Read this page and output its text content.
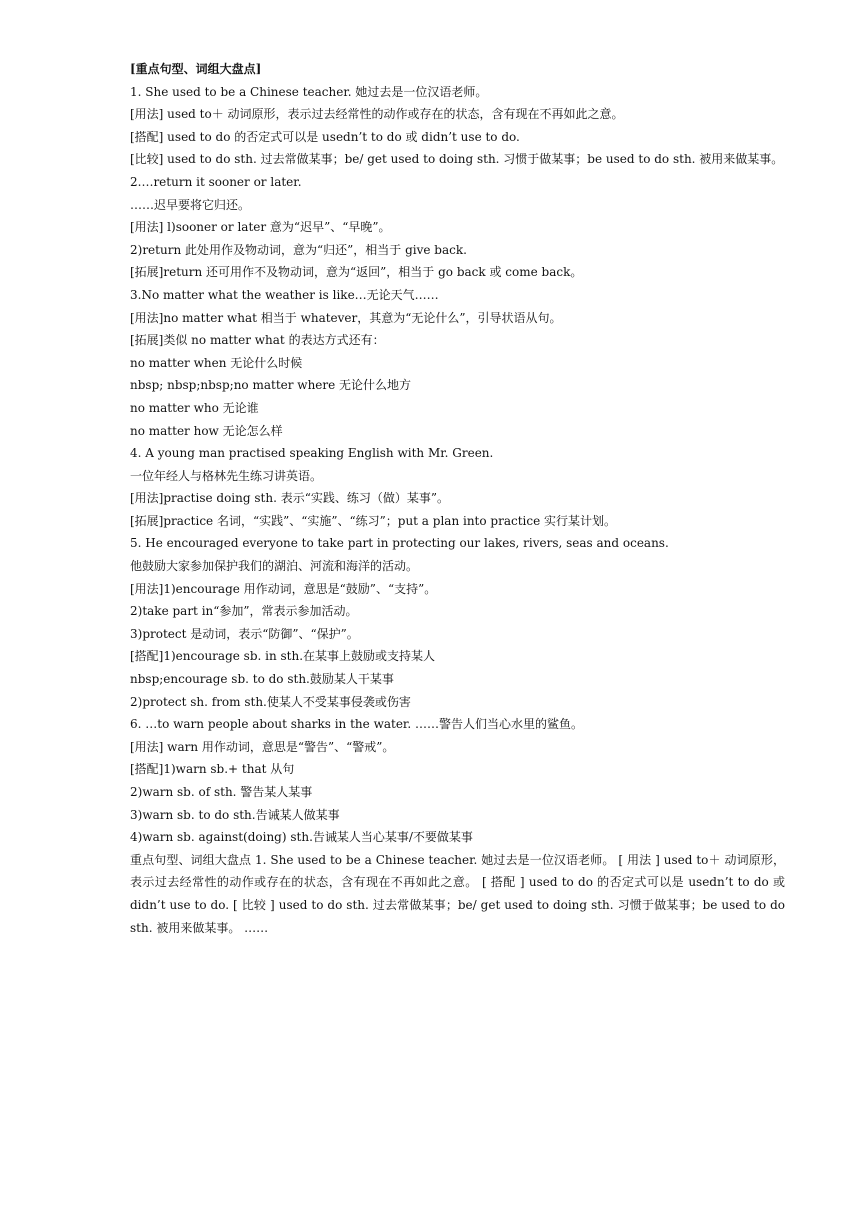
[重点句型、词组大盘点]
1. She used to be a Chinese teacher. 她过去是一位汉语老师。
[用法] used to＋ 动词原形，表示过去经常性的动作或存在的状态，含有现在不再如此之意。
[搭配] used to do 的否定式可以是 usedn’t to do 或 didn’t use to do.
[比较] used to do sth. 过去常做某事；be/ get used to doing sth. 习惯于做某事；be used to do sth. 被用来做某事。
2.…return it sooner or later.
……迟早要将它归还。
[用法] l)sooner or later 意为“迟早”、“早晚”。
2)return 此处用作及物动词，意为“归还”，相当于 give back.
[拓展]return 还可用作不及物动词，意为“返回”，相当于 go back 或 come back。
3.No matter what the weather is like…无论天气……
[用法]no matter what 相当于 whatever，其意为“无论什么”，引导状语从句。
[拓展]类似 no matter what 的表达方式还有：
no matter when 无论什么时候
nbsp; nbsp;nbsp;no matter where 无论什么地方
no matter who 无论谁
no matter how 无论怎么样
4. A young man practised speaking English with Mr. Green.
一位年经人与格林先生练习讲英语。
[用法]practise doing sth. 表示“实践、练习（做）某事”。
[拓展]practice 名词，“实践”、“实施”、“练习”；put a plan into practice 实行某计划。
5. He encouraged everyone to take part in protecting our lakes, rivers, seas and oceans.
他鼓励大家参加保护我们的湖泊、河流和海洋的活动。
[用法]1)encourage 用作动词，意思是“鼓励”、“支持”。
2)take part in“参加”，常表示参加活动。
3)protect 是动词，表示“防御”、“保护”。
[搭配]1)encourage sb. in sth.在某事上鼓励或支持某人
nbsp;encourage sb. to do sth.鼓励某人干某事
2)protect sh. from sth.使某人不受某事侵袭或伤害
6. …to warn people about sharks in the water. ……警告人们当心水里的鲨鱼。
[用法] warn 用作动词，意思是“警告”、“警戒”。
[搭配]1)warn sb.+ that 从句
2)warn sb. of sth. 警告某人某事
3)warn sb. to do sth.告诫某人做某事
4)warn sb. against(doing) sth.告诫某人当心某事/不要做某事

重点句型、词组大盘点 1. She used to be a Chinese teacher. 她过去是一位汉语老师。 [ 用法 ] used to＋ 动词原形，表示过去经常性的动作或存在的状态，含有现在不再如此之意。 [ 搭配 ] used to do 的否定式可以是 usedn’t to do 或 didn’t use to do. [ 比较 ] used to do sth. 过去常做某事；be/ get used to doing sth. 习惯于做某事；be used to do sth. 被用来做某事。 ……
